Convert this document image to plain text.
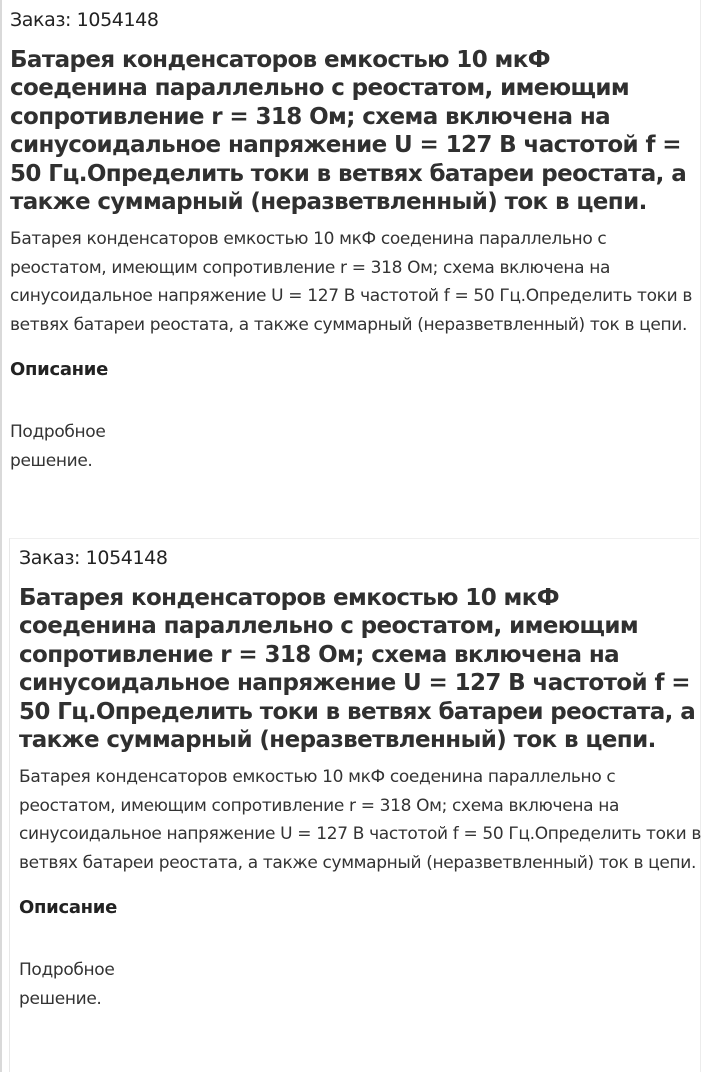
Заказ: 1054148
Батарея конденсаторов емкостью 10 мкФ соеденина параллельно с реостатом, имеющим сопротивление r = 318 Ом; схема включена на синусоидальное напряжение U = 127 В частотой f = 50 Гц.Определить токи в ветвях батареи реостата, а также суммарный (неразветвленный) ток в цепи.

Батарея конденсаторов емкостью 10 мкФ соеденина параллельно с реостатом, имеющим сопротивление r = 318 Ом; схема включена на синусоидальное напряжение U = 127 В частотой f = 50 Гц.Определить токи в ветвях батареи реостата, а также суммарный (неразветвленный) ток в цепи.

Описание

Подробное решение.

Заказ: 1054148
Батарея конденсаторов емкостью 10 мкФ соеденина параллельно с реостатом, имеющим сопротивление r = 318 Ом; схема включена на синусоидальное напряжение U = 127 В частотой f = 50 Гц.Определить токи в ветвях батареи реостата, а также суммарный (неразветвленный) ток в цепи.

Батарея конденсаторов емкостью 10 мкФ соеденина параллельно с реостатом, имеющим сопротивление r = 318 Ом; схема включена на синусоидальное напряжение U = 127 В частотой f = 50 Гц.Определить токи в ветвях батареи реостата, а также суммарный (неразветвленный) ток в цепи.

Описание

Подробное решение.
